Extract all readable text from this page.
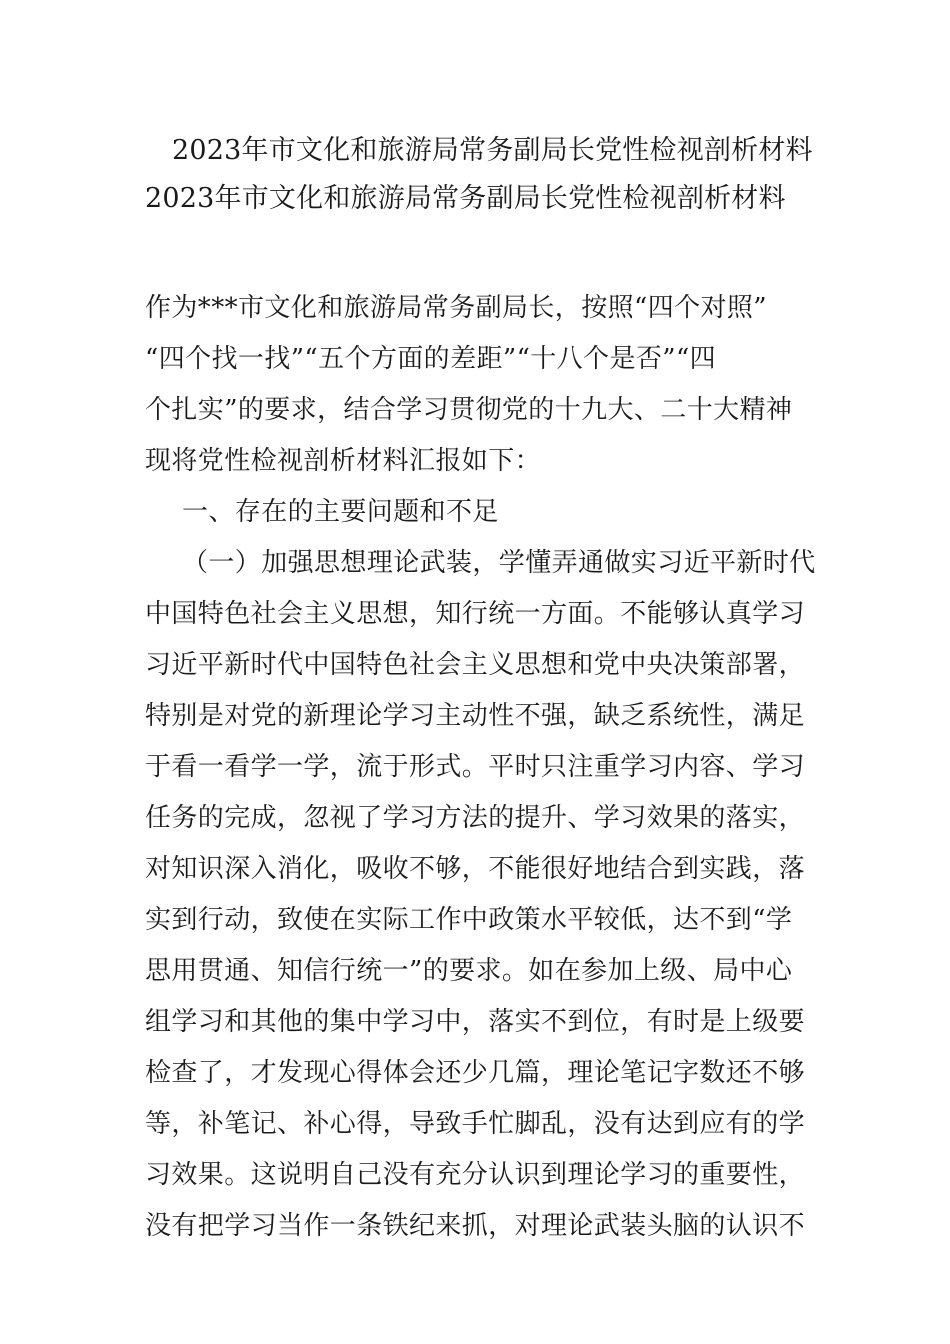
2023年市文化和旅游局常务副局长党性检视剖析材料
2023年市文化和旅游局常务副局长党性检视剖析材料
作为***市文化和旅游局常务副局长，按照“四个对照”
“四个找一找”“五个方面的差距”“十八个是否”“四
个扎实”的要求，结合学习贯彻党的十九大、二十大精神
现将党性检视剖析材料汇报如下：
一、存在的主要问题和不足
（一）加强思想理论武装，学懂弄通做实习近平新时代
中国特色社会主义思想，知行统一方面。不能够认真学习
习近平新时代中国特色社会主义思想和党中央决策部署，
特别是对党的新理论学习主动性不强，缺乏系统性，满足
于看一看学一学，流于形式。平时只注重学习内容、学习
任务的完成，忽视了学习方法的提升、学习效果的落实，
对知识深入消化，吸收不够，不能很好地结合到实践，落
实到行动，致使在实际工作中政策水平较低，达不到“学
思用贯通、知信行统一”的要求。如在参加上级、局中心
组学习和其他的集中学习中，落实不到位，有时是上级要
检查了，才发现心得体会还少几篇，理论笔记字数还不够
等，补笔记、补心得，导致手忙脚乱，没有达到应有的学
习效果。这说明自己没有充分认识到理论学习的重要性，
没有把学习当作一条铁纪来抓，对理论武装头脑的认识不
